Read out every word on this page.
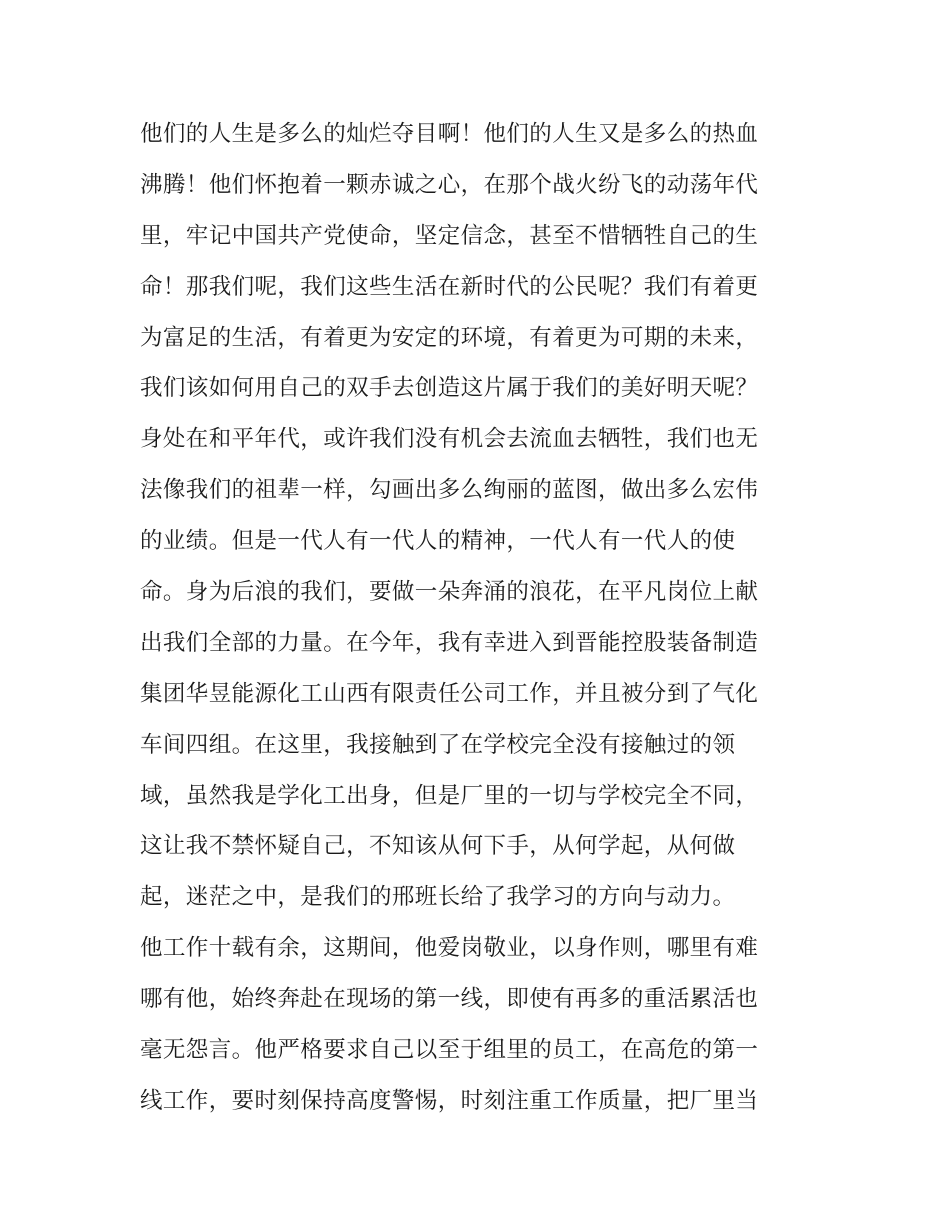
他们的人生是多么的灿烂夺目啊！他们的人生又是多么的热血
沸腾！他们怀抱着一颗赤诚之心，在那个战火纷飞的动荡年代
里，牢记中国共产党使命，坚定信念，甚至不惜牺牲自己的生
命！那我们呢，我们这些生活在新时代的公民呢？我们有着更
为富足的生活，有着更为安定的环境，有着更为可期的未来，
我们该如何用自己的双手去创造这片属于我们的美好明天呢？
身处在和平年代，或许我们没有机会去流血去牺牲，我们也无
法像我们的祖辈一样，勾画出多么绚丽的蓝图，做出多么宏伟
的业绩。但是一代人有一代人的精神，一代人有一代人的使
命。身为后浪的我们，要做一朵奔涌的浪花，在平凡岗位上献
出我们全部的力量。在今年，我有幸进入到晋能控股装备制造
集团华昱能源化工山西有限责任公司工作，并且被分到了气化
车间四组。在这里，我接触到了在学校完全没有接触过的领
域，虽然我是学化工出身，但是厂里的一切与学校完全不同，
这让我不禁怀疑自己，不知该从何下手，从何学起，从何做
起，迷茫之中，是我们的邢班长给了我学习的方向与动力。
他工作十载有余，这期间，他爱岗敬业，以身作则，哪里有难
哪有他，始终奔赴在现场的第一线，即使有再多的重活累活也
毫无怨言。他严格要求自己以至于组里的员工，在高危的第一
线工作，要时刻保持高度警惕，时刻注重工作质量，把厂里当
